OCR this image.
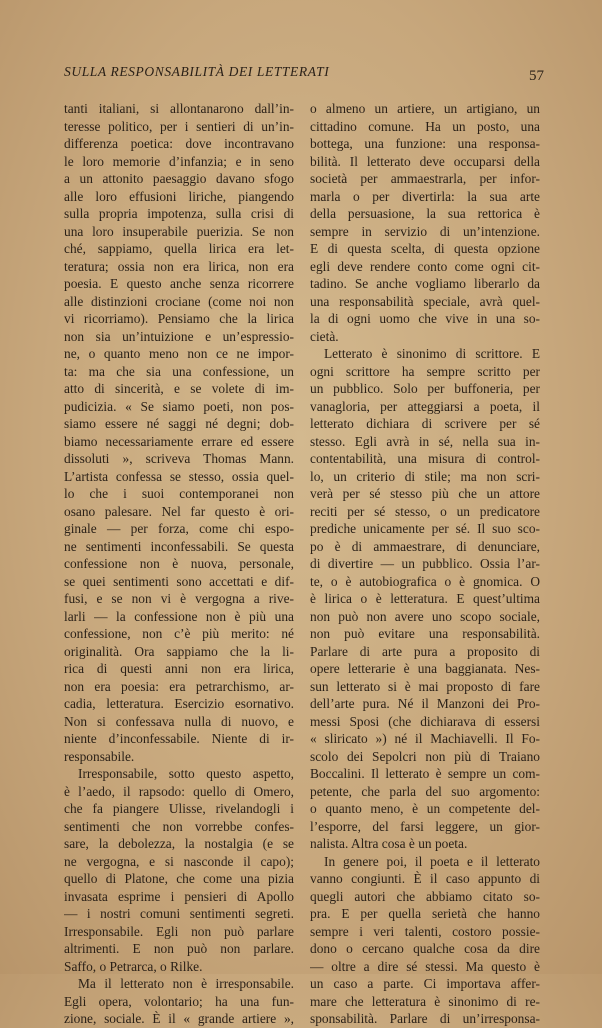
SULLA RESPONSABILITÀ DEI LETTERATI	57
tanti italiani, si allontanarono dall’in-
teresse politico, per i sentieri di un’in-
differenza poetica: dove incontravano
le loro memorie d’infanzia; e in seno
a un attonito paesaggio davano sfogo
alle loro effusioni liriche, piangendo
sulla propria impotenza, sulla crisi di
una loro insuperabile puerizia. Se non
ché, sappiamo, quella lirica era let-
teratura; ossia non era lirica, non era
poesia. E questo anche senza ricorrere
alle distinzioni crociane (come noi non
vi ricorriamo). Pensiamo che la lirica
non sia un’intuizione e un’espressio-
ne, o quanto meno non ce ne impor-
ta: ma che sia una confessione, un
atto di sincerità, e se volete di im-
pudicizia. « Se siamo poeti, non pos-
siamo essere né saggi né degni; dob-
biamo necessariamente errare ed essere
dissoluti », scriveva Thomas Mann.
L’artista confessa se stesso, ossia quel-
lo che i suoi contemporanei non
osano palesare. Nel far questo è ori-
ginale — per forza, come chi espo-
ne sentimenti inconfessabili. Se questa
confessione non è nuova, personale,
se quei sentimenti sono accettati e dif-
fusi, e se non vi è vergogna a rive-
larli — la confessione non è più una
confessione, non c’è più merito: né
originalità. Ora sappiamo che la li-
rica di questi anni non era lirica,
non era poesia: era petrarchismo, ar-
cadia, letteratura. Esercizio esornativo.
Non si confessava nulla di nuovo, e
niente d’inconfessabile. Niente di ir-
responsabile.
Irresponsabile, sotto questo aspetto,
è l’aedo, il rapsodo: quello di Omero,
che fa piangere Ulisse, rivelandogli i
sentimenti che non vorrebbe confes-
sare, la debolezza, la nostalgia (e se
ne vergogna, e si nasconde il capo);
quello di Platone, che come una pizia
invasata esprime i pensieri di Apollo
— i nostri comuni sentimenti segreti.
Irresponsabile. Egli non può parlare
altrimenti. E non può non parlare.
Saffo, o Petrarca, o Rilke.
Ma il letterato non è irresponsabile.
Egli opera, volontario; ha una fun-
zione, sociale. È il « grande artiere »,
o almeno un artiere, un artigiano, un
cittadino comune. Ha un posto, una
bottega, una funzione: una responsa-
bilità. Il letterato deve occuparsi della
società per ammaestrarla, per infor-
marla o per divertirla: la sua arte
della persuasione, la sua rettorica è
sempre in servizio di un’intenzione.
E di questa scelta, di questa opzione
egli deve rendere conto come ogni cit-
tadino. Se anche vogliamo liberarlo da
una responsabilità speciale, avrà quel-
la di ogni uomo che vive in una so-
cietà.
Letterato è sinonimo di scrittore. E
ogni scrittore ha sempre scritto per
un pubblico. Solo per buffoneria, per
vanagloria, per atteggiarsi a poeta, il
letterato dichiara di scrivere per sé
stesso. Egli avrà in sé, nella sua in-
contentabilità, una misura di control-
lo, un criterio di stile; ma non scri-
verà per sé stesso più che un attore
reciti per sé stesso, o un predicatore
prediche unicamente per sé. Il suo sco-
po è di ammaestrare, di denunciare,
di divertire — un pubblico. Ossia l’ar-
te, o è autobiografica o è gnomica. O
è lirica o è letteratura. E quest’ultima
non può non avere uno scopo sociale,
non può evitare una responsabilità.
Parlare di arte pura a proposito di
opere letterarie è una baggianata. Nes-
sun letterato si è mai proposto di fare
dell’arte pura. Né il Manzoni dei Pro-
messi Sposi (che dichiarava di essersi
« sliricato ») né il Machiavelli. Il Fo-
scolo dei Sepolcri non più di Traiano
Boccalini. Il letterato è sempre un com-
petente, che parla del suo argomento:
o quanto meno, è un competente del-
l’esporre, del farsi leggere, un gior-
nalista. Altra cosa è un poeta.
In genere poi, il poeta e il letterato
vanno congiunti. È il caso appunto di
quegli autori che abbiamo citato so-
pra. E per quella serietà che hanno
sempre i veri talenti, costoro possie-
dono o cercano qualche cosa da dire
— oltre a dire sé stessi. Ma questo è
un caso a parte. Ci importava affer-
mare che letteratura è sinonimo di re-
sponsabilità. Parlare di un’irresponsa-
